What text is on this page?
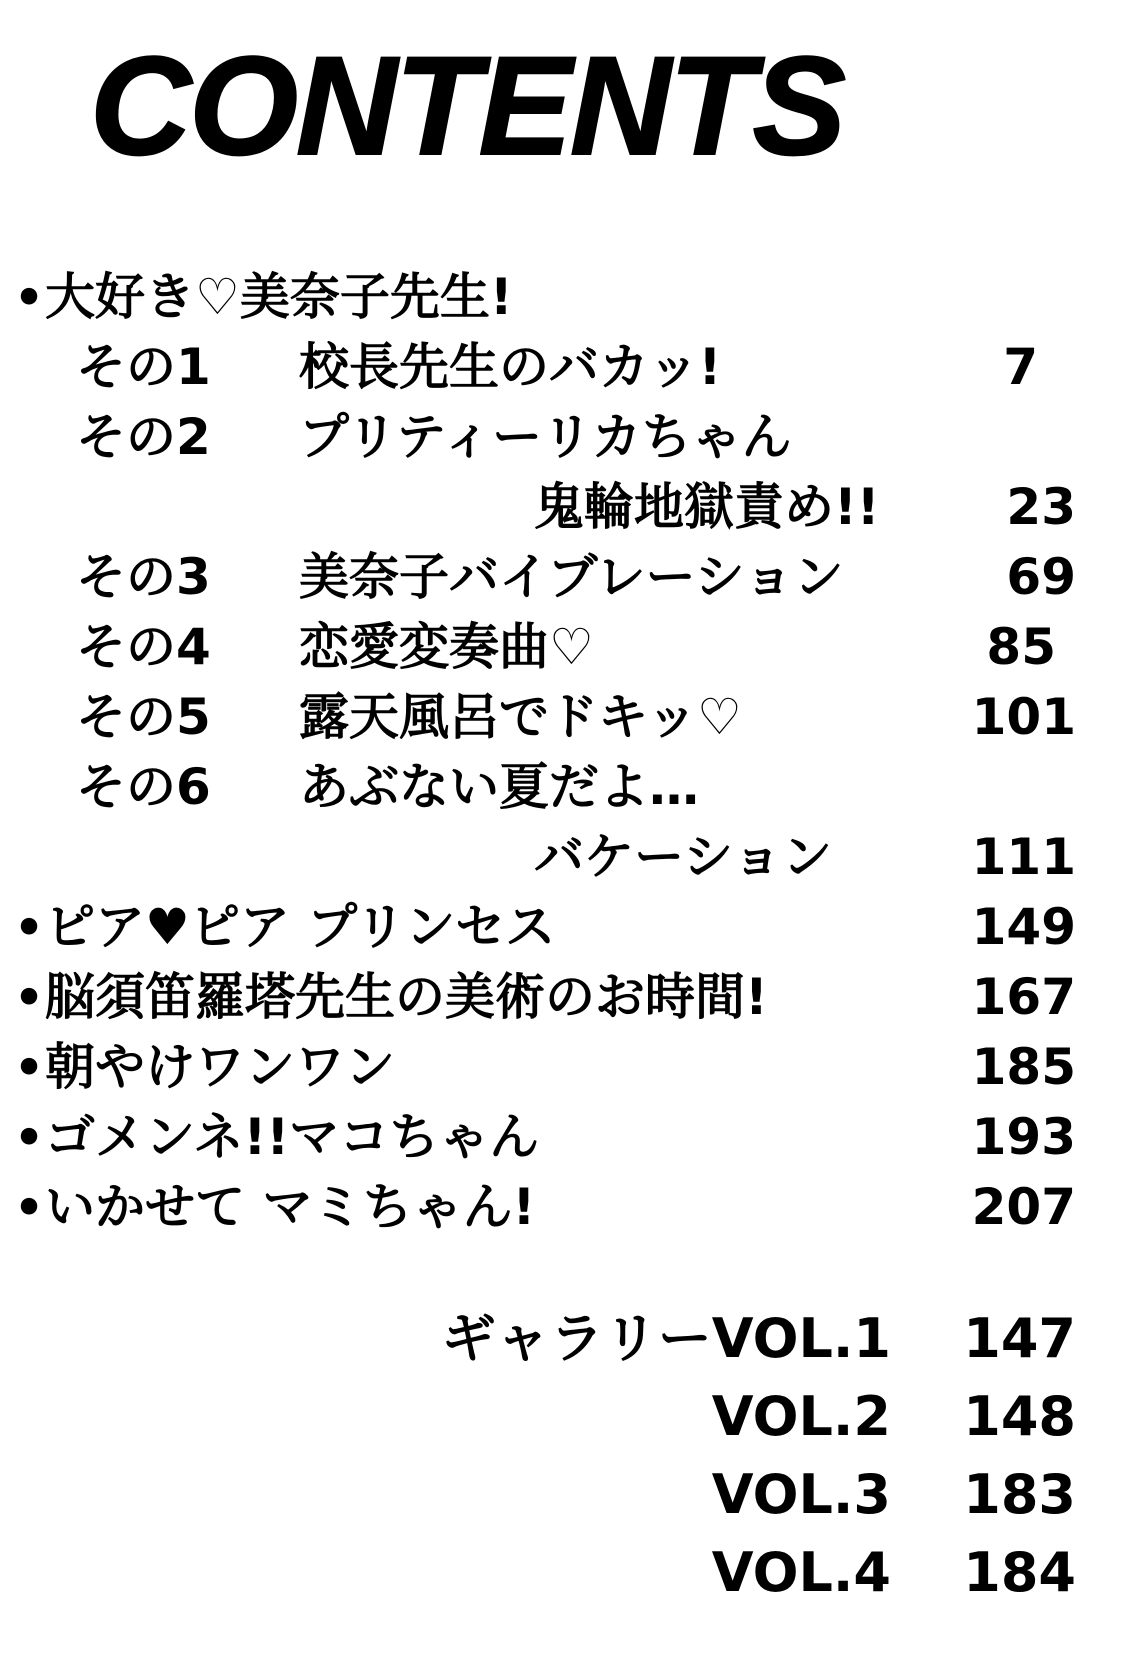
CONTENTS
•大好き♡美奈子先生!
その1 校長先生のバカッ!	7
その2 プリティーリカちゃん
鬼輪地獄責め!!	23
その3 美奈子バイブレーション	69
その4 恋愛変奏曲♡	85
その5 露天風呂でドキッ♡	101
その6 あぶない夏だよ…
バケーション	111
•ピア♥ピア プリンセス	149
•脳須笛羅塔先生の美術のお時間!	167
•朝やけワンワン	185
•ゴメンネ!!マコちゃん	193
•いかせて マミちゃん!	207
ギャラリーVOL.1	147
VOL.2	148
VOL.3	183
VOL.4	184
